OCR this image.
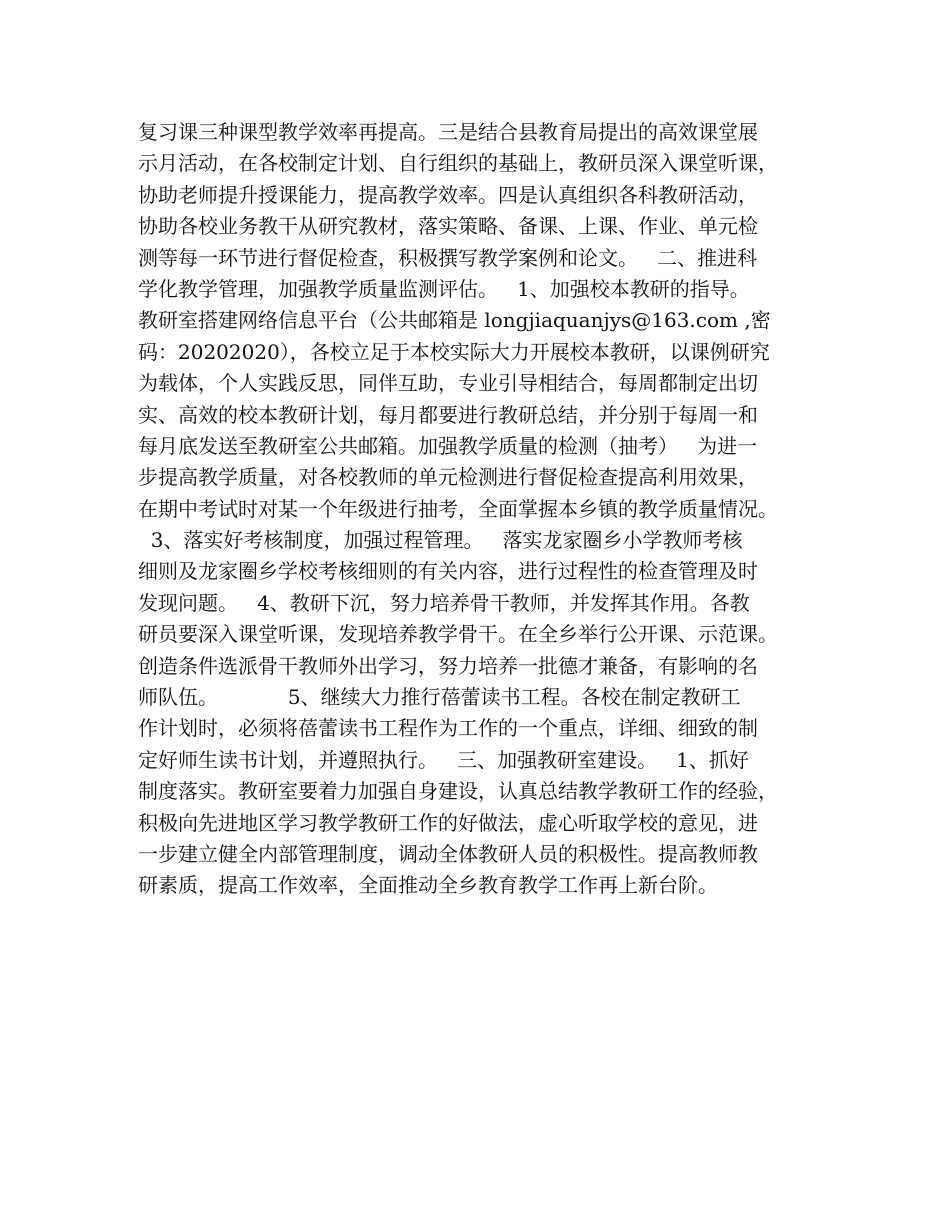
复习课三种课型教学效率再提高。三是结合县教育局提出的高效课堂展
示月活动，在各校制定计划、自行组织的基础上，教研员深入课堂听课，
协助老师提升授课能力，提高教学效率。四是认真组织各科教研活动，
协助各校业务教干从研究教材，落实策略、备课、上课、作业、单元检
测等每一环节进行督促检查，积极撰写教学案例和论文。   二、推进科
学化教学管理，加强教学质量监测评估。   1、加强校本教研的指导。
教研室搭建网络信息平台（公共邮箱是 longjiaquanjys@163.com ,密
码：20202020），各校立足于本校实际大力开展校本教研，以课例研究
为载体，个人实践反思，同伴互助，专业引导相结合，每周都制定出切
实、高效的校本教研计划，每月都要进行教研总结，并分别于每周一和
每月底发送至教研室公共邮箱。加强教学质量的检测（抽考）   为进一
步提高教学质量，对各校教师的单元检测进行督促检查提高利用效果，
在期中考试时对某一个年级进行抽考，全面掌握本乡镇的教学质量情况。
3、落实好考核制度，加强过程管理。   落实龙家圈乡小学教师考核
细则及龙家圈乡学校考核细则的有关内容，进行过程性的检查管理及时
发现问题。   4、教研下沉，努力培养骨干教师，并发挥其作用。各教
研员要深入课堂听课，发现培养教学骨干。在全乡举行公开课、示范课。
创造条件选派骨干教师外出学习，努力培养一批德才兼备，有影响的名
师队伍。           5、继续大力推行蓓蕾读书工程。各校在制定教研工
作计划时，必须将蓓蕾读书工程作为工作的一个重点，详细、细致的制
定好师生读书计划，并遵照执行。   三、加强教研室建设。   1、抓好
制度落实。教研室要着力加强自身建设，认真总结教学教研工作的经验，
积极向先进地区学习教学教研工作的好做法，虚心听取学校的意见，进
一步建立健全内部管理制度，调动全体教研人员的积极性。提高教师教
研素质，提高工作效率，全面推动全乡教育教学工作再上新台阶。
